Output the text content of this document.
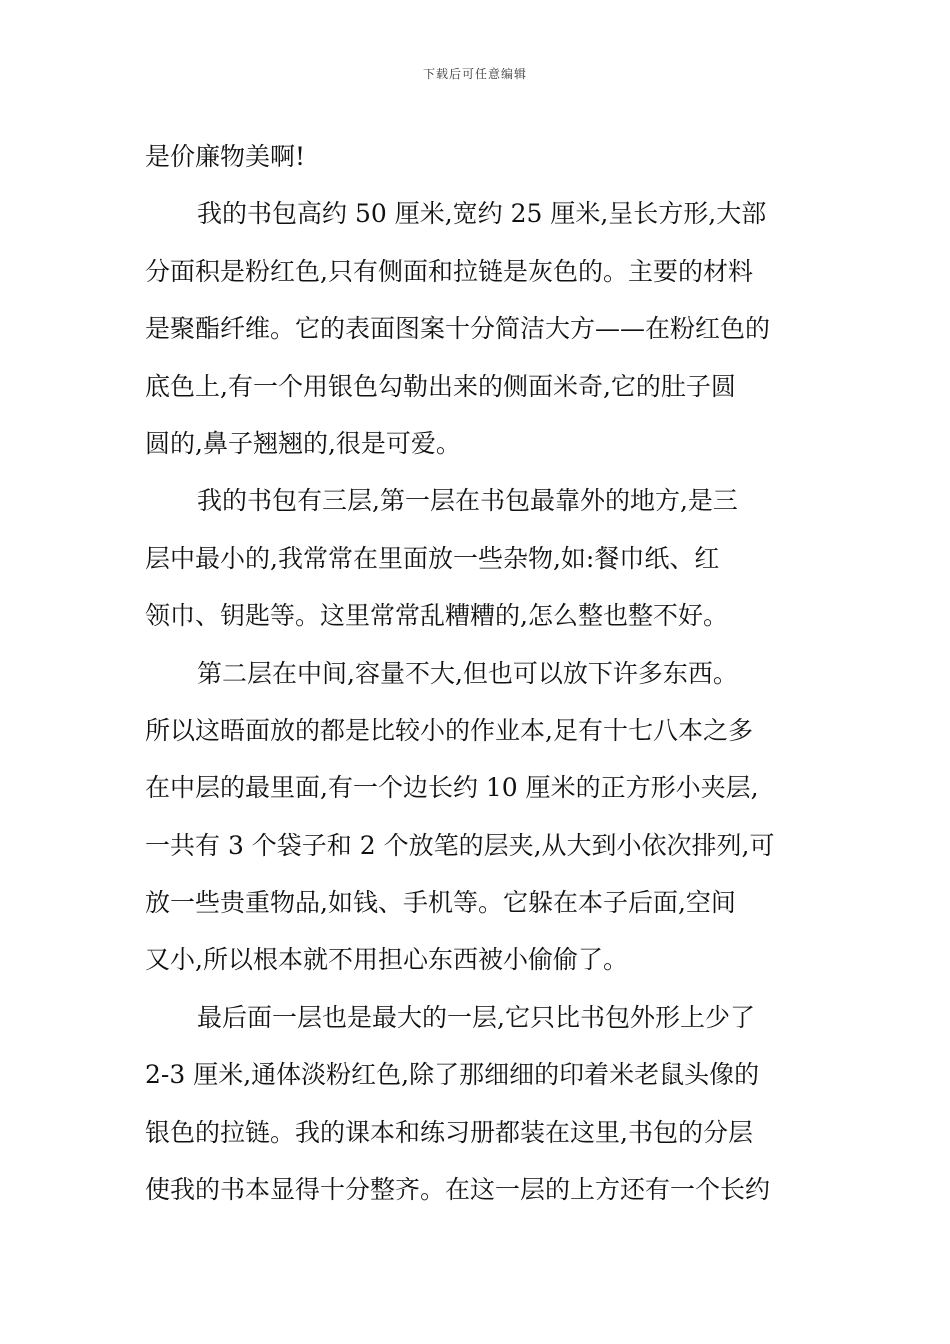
下载后可任意编辑
是价廉物美啊!
我的书包高约 50 厘米,宽约 25 厘米,呈长方形,大部
分面积是粉红色,只有侧面和拉链是灰色的。主要的材料
是聚酯纤维。它的表面图案十分简洁大方——在粉红色的
底色上,有一个用银色勾勒出来的侧面米奇,它的肚子圆
圆的,鼻子翘翘的,很是可爱。
我的书包有三层,第一层在书包最靠外的地方,是三
层中最小的,我常常在里面放一些杂物,如:餐巾纸、红
领巾、钥匙等。这里常常乱糟糟的,怎么整也整不好。
第二层在中间,容量不大,但也可以放下许多东西。
所以这晤面放的都是比较小的作业本,足有十七八本之多
在中层的最里面,有一个边长约 10 厘米的正方形小夹层,
一共有 3 个袋子和 2 个放笔的层夹,从大到小依次排列,可
放一些贵重物品,如钱、手机等。它躲在本子后面,空间
又小,所以根本就不用担心东西被小偷偷了。
最后面一层也是最大的一层,它只比书包外形上少了
2-3 厘米,通体淡粉红色,除了那细细的印着米老鼠头像的
银色的拉链。我的课本和练习册都装在这里,书包的分层
使我的书本显得十分整齐。在这一层的上方还有一个长约
